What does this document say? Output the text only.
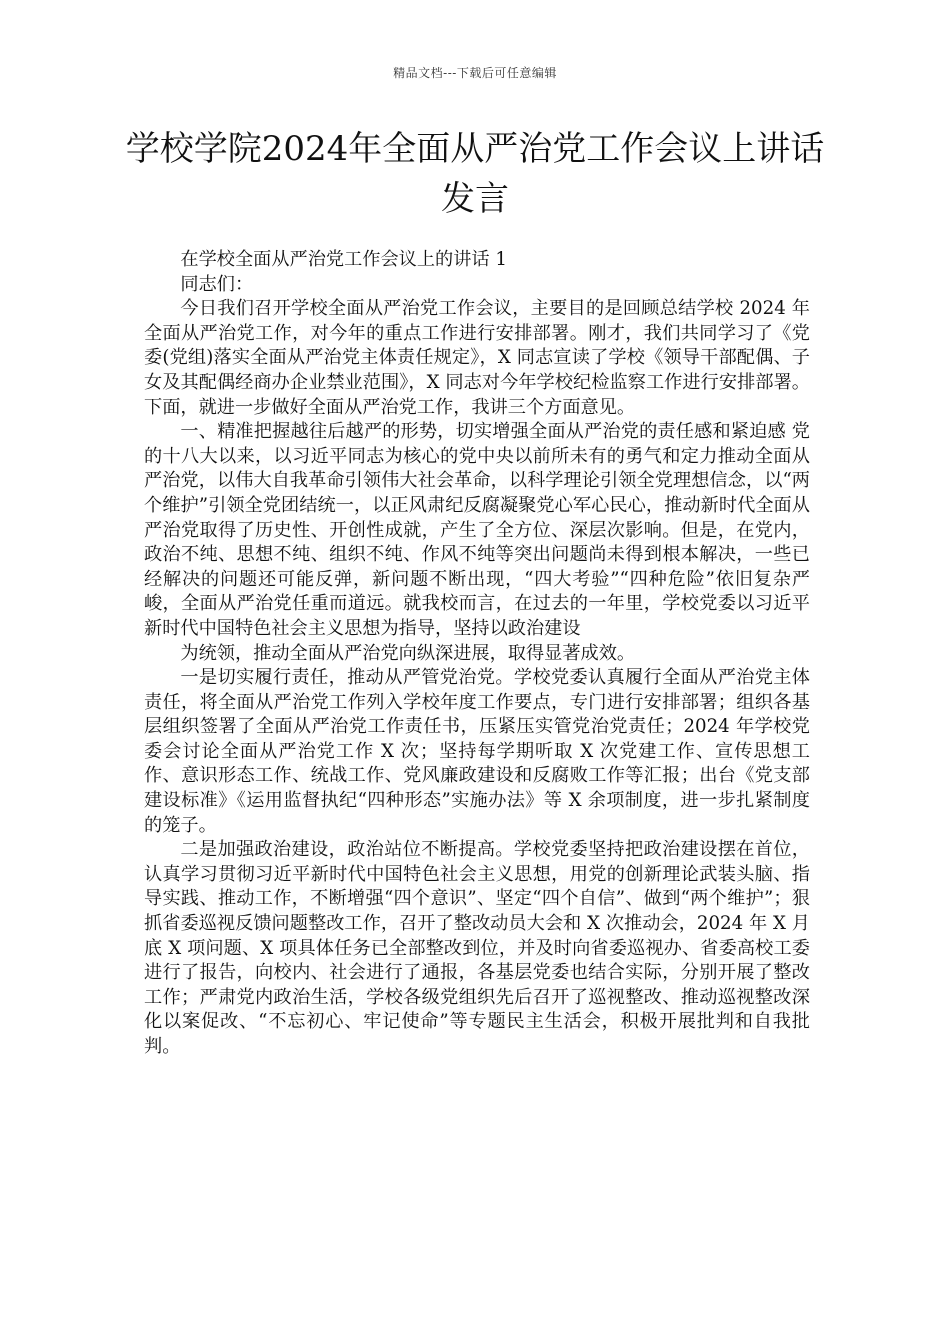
精品文档---下载后可任意编辑
学校学院2024年全面从严治党工作会议上讲话发言

在学校全面从严治党工作会议上的讲话 1

同志们：

今日我们召开学校全面从严治党工作会议，主要目的是回顾总结学校 2024 年全面从严治党工作，对今年的重点工作进行安排部署。刚才，我们共同学习了《党委(党组)落实全面从严治党主体责任规定》，X 同志宣读了学校《领导干部配偶、子女及其配偶经商办企业禁业范围》，X 同志对今年学校纪检监察工作进行安排部署。下面，就进一步做好全面从严治党工作，我讲三个方面意见。

一、精准把握越往后越严的形势，切实增强全面从严治党的责任感和紧迫感 党的十八大以来，以习近平同志为核心的党中央以前所未有的勇气和定力推动全面从严治党，以伟大自我革命引领伟大社会革命，以科学理论引领全党理想信念，以“两个维护”引领全党团结统一，以正风肃纪反腐凝聚党心军心民心，推动新时代全面从严治党取得了历史性、开创性成就，产生了全方位、深层次影响。但是，在党内，政治不纯、思想不纯、组织不纯、作风不纯等突出问题尚未得到根本解决，一些已经解决的问题还可能反弹，新问题不断出现，“四大考验”“四种危险”依旧复杂严峻，全面从严治党任重而道远。就我校而言，在过去的一年里，学校党委以习近平新时代中国特色社会主义思想为指导，坚持以政治建设

为统领，推动全面从严治党向纵深进展，取得显著成效。

一是切实履行责任，推动从严管党治党。学校党委认真履行全面从严治党主体责任，将全面从严治党工作列入学校年度工作要点，专门进行安排部署；组织各基层组织签署了全面从严治党工作责任书，压紧压实管党治党责任；2024 年学校党委会讨论全面从严治党工作 X 次；坚持每学期听取 X 次党建工作、宣传思想工作、意识形态工作、统战工作、党风廉政建设和反腐败工作等汇报；出台《党支部建设标准》《运用监督执纪“四种形态”实施办法》等 X 余项制度，进一步扎紧制度的笼子。

二是加强政治建设，政治站位不断提高。学校党委坚持把政治建设摆在首位，认真学习贯彻习近平新时代中国特色社会主义思想，用党的创新理论武装头脑、指导实践、推动工作，不断增强“四个意识”、坚定“四个自信”、做到“两个维护”；狠抓省委巡视反馈问题整改工作，召开了整改动员大会和 X 次推动会，2024 年 X 月底 X 项问题、X 项具体任务已全部整改到位，并及时向省委巡视办、省委高校工委进行了报告，向校内、社会进行了通报，各基层党委也结合实际，分别开展了整改工作；严肃党内政治生活，学校各级党组织先后召开了巡视整改、推动巡视整改深化以案促改、“不忘初心、牢记使命”等专题民主生活会，积极开展批判和自我批判。
